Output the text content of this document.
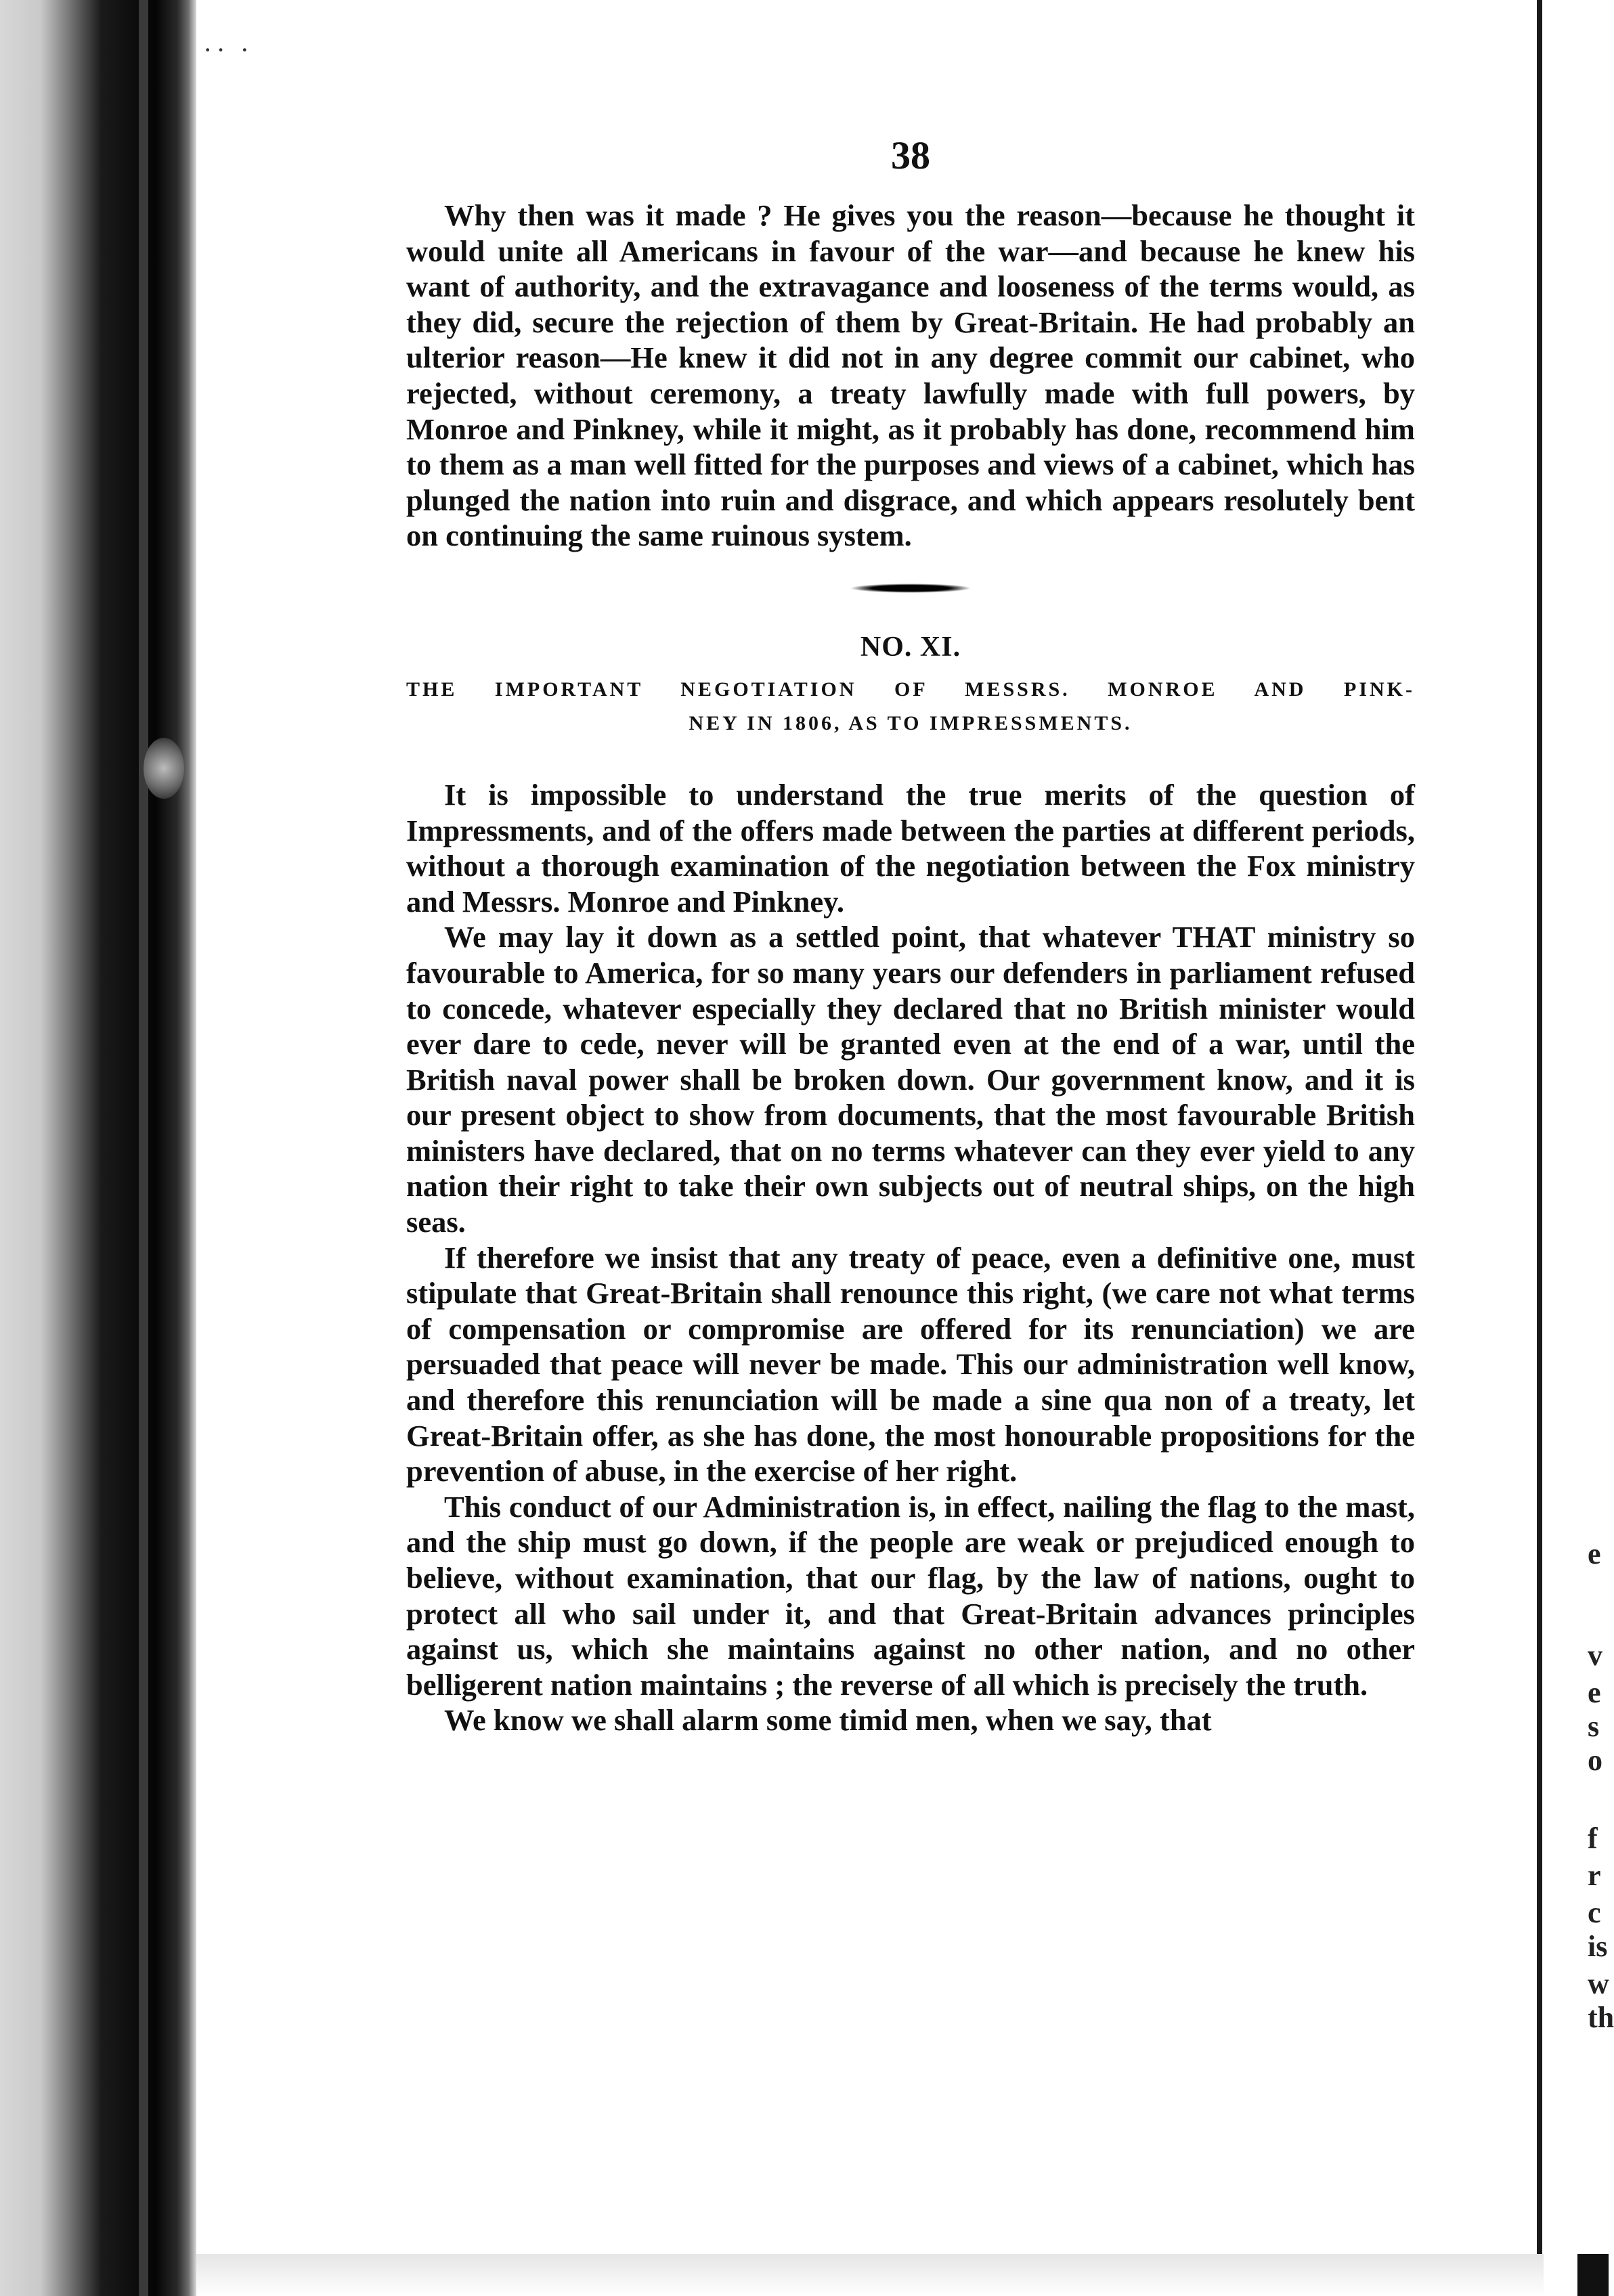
·· ·
e
v
e
s
o
f
r
c
is
w
th
38

Why then was it made ? He gives you the reason—because he thought it would unite all Americans in favour of the war—and because he knew his want of authority, and the extravagance and looseness of the terms would, as they did, secure the rejection of them by Great-Britain. He had probably an ulterior reason—He knew it did not in any degree commit our cabinet, who rejected, without ceremony, a treaty lawfully made with full powers, by Monroe and Pinkney, while it might, as it probably has done, recommend him to them as a man well fitted for the purposes and views of a cabinet, which has plunged the nation into ruin and disgrace, and which appears resolutely bent on continuing the same ruinous system.

NO. XI.
THE IMPORTANT NEGOTIATION OF MESSRS. MONROE AND PINK-
NEY IN 1806, AS TO IMPRESSMENTS.

It is impossible to understand the true merits of the question of Impressments, and of the offers made between the parties at different periods, without a thorough examination of the negotiation between the Fox ministry and Messrs. Monroe and Pinkney.

We may lay it down as a settled point, that whatever THAT ministry so favourable to America, for so many years our defenders in parliament refused to concede, whatever especially they declared that no British minister would ever dare to cede, never will be granted even at the end of a war, until the British naval power shall be broken down. Our government know, and it is our present object to show from documents, that the most favourable British ministers have declared, that on no terms whatever can they ever yield to any nation their right to take their own subjects out of neutral ships, on the high seas.

If therefore we insist that any treaty of peace, even a definitive one, must stipulate that Great-Britain shall renounce this right, (we care not what terms of compensation or compromise are offered for its renunciation) we are persuaded that peace will never be made. This our administration well know, and therefore this renunciation will be made a sine qua non of a treaty, let Great-Britain offer, as she has done, the most honourable propositions for the prevention of abuse, in the exercise of her right.

This conduct of our Administration is, in effect, nailing the flag to the mast, and the ship must go down, if the people are weak or prejudiced enough to believe, without examination, that our flag, by the law of nations, ought to protect all who sail under it, and that Great-Britain advances principles against us, which she maintains against no other nation, and no other belligerent nation maintains ; the reverse of all which is precisely the truth.

We know we shall alarm some timid men, when we say, that
